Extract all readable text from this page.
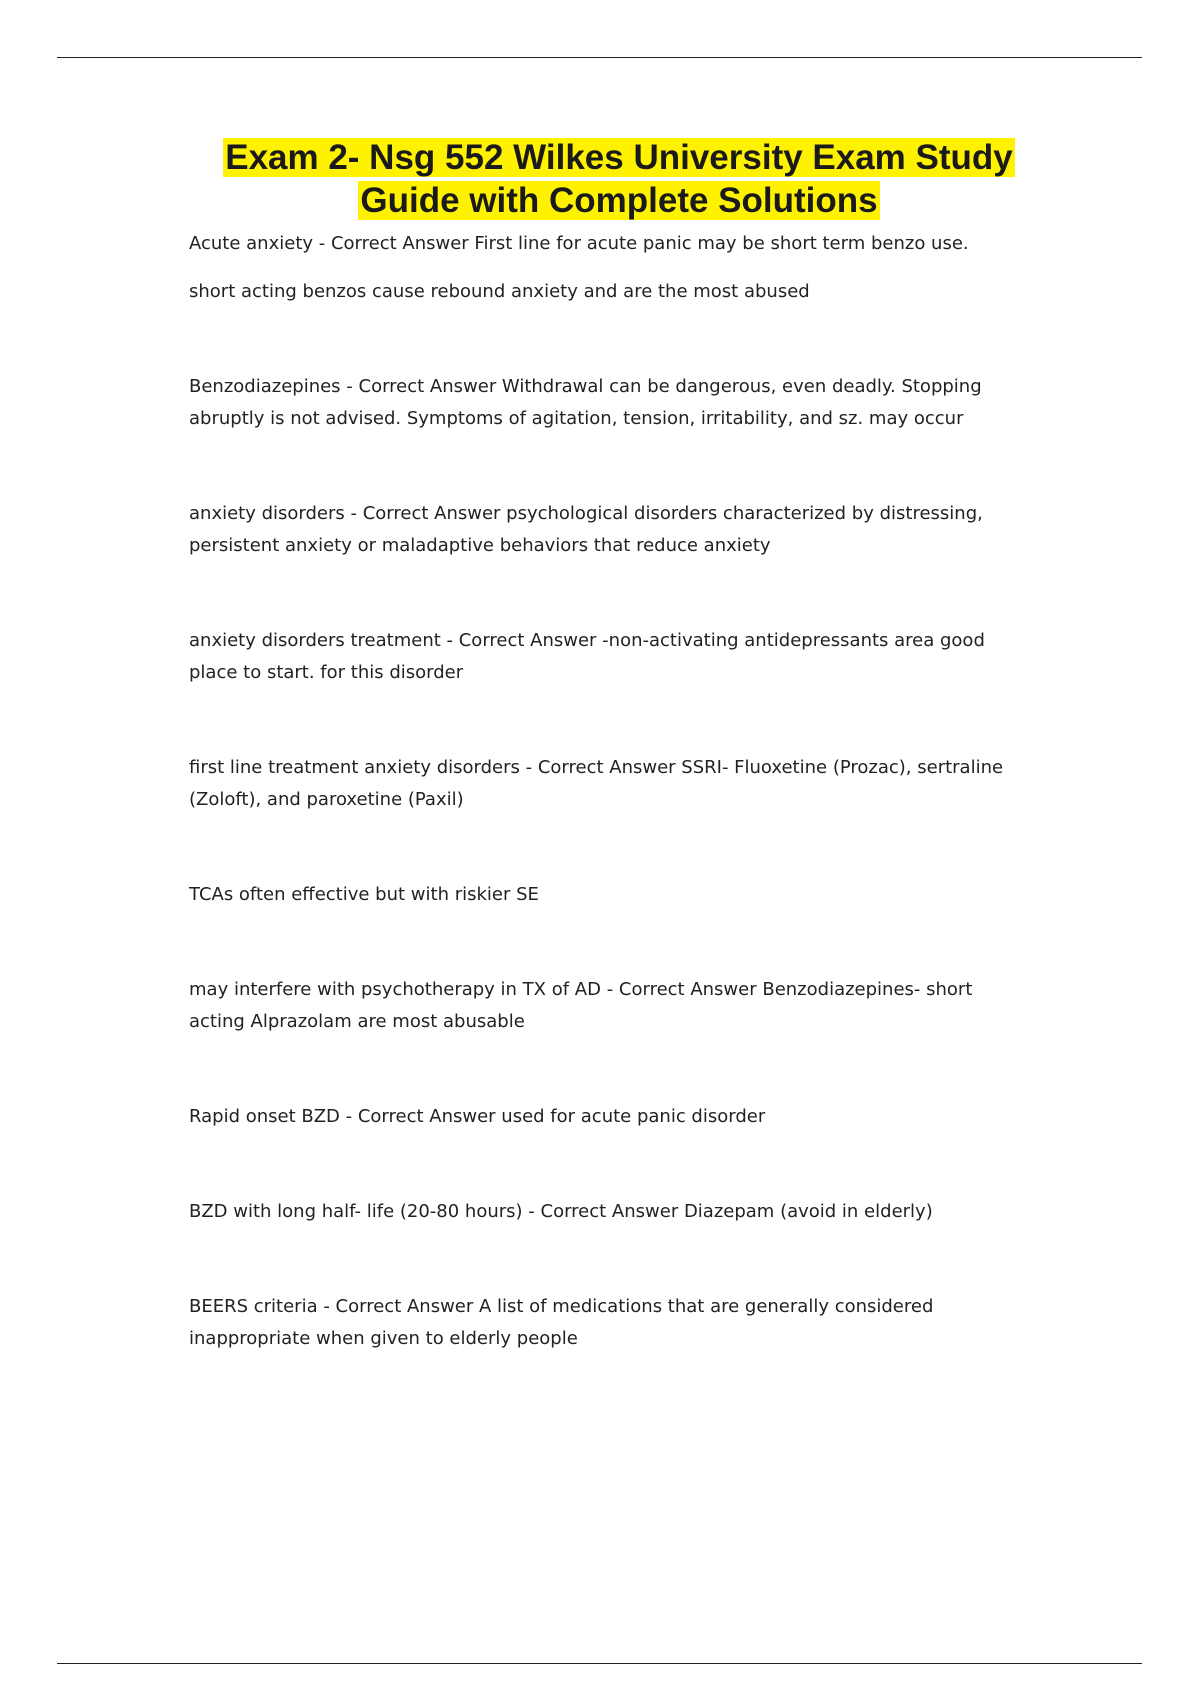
Exam 2- Nsg 552 Wilkes University Exam Study
Guide with Complete Solutions

Acute anxiety - Correct Answer First line for acute panic may be short term benzo use.

short acting benzos cause rebound anxiety and are the most abused

Benzodiazepines - Correct Answer Withdrawal can be dangerous, even deadly. Stopping
abruptly is not advised. Symptoms of agitation, tension, irritability, and sz. may occur

anxiety disorders - Correct Answer psychological disorders characterized by distressing,
persistent anxiety or maladaptive behaviors that reduce anxiety

anxiety disorders treatment - Correct Answer -non-activating antidepressants area good
place to start. for this disorder

first line treatment anxiety disorders - Correct Answer SSRI- Fluoxetine (Prozac), sertraline
(Zoloft), and paroxetine (Paxil)

TCAs often effective but with riskier SE

may interfere with psychotherapy in TX of AD - Correct Answer Benzodiazepines- short
acting Alprazolam are most abusable

Rapid onset BZD - Correct Answer used for acute panic disorder

BZD with long half- life (20-80 hours) - Correct Answer Diazepam (avoid in elderly)

BEERS criteria - Correct Answer A list of medications that are generally considered
inappropriate when given to elderly people
